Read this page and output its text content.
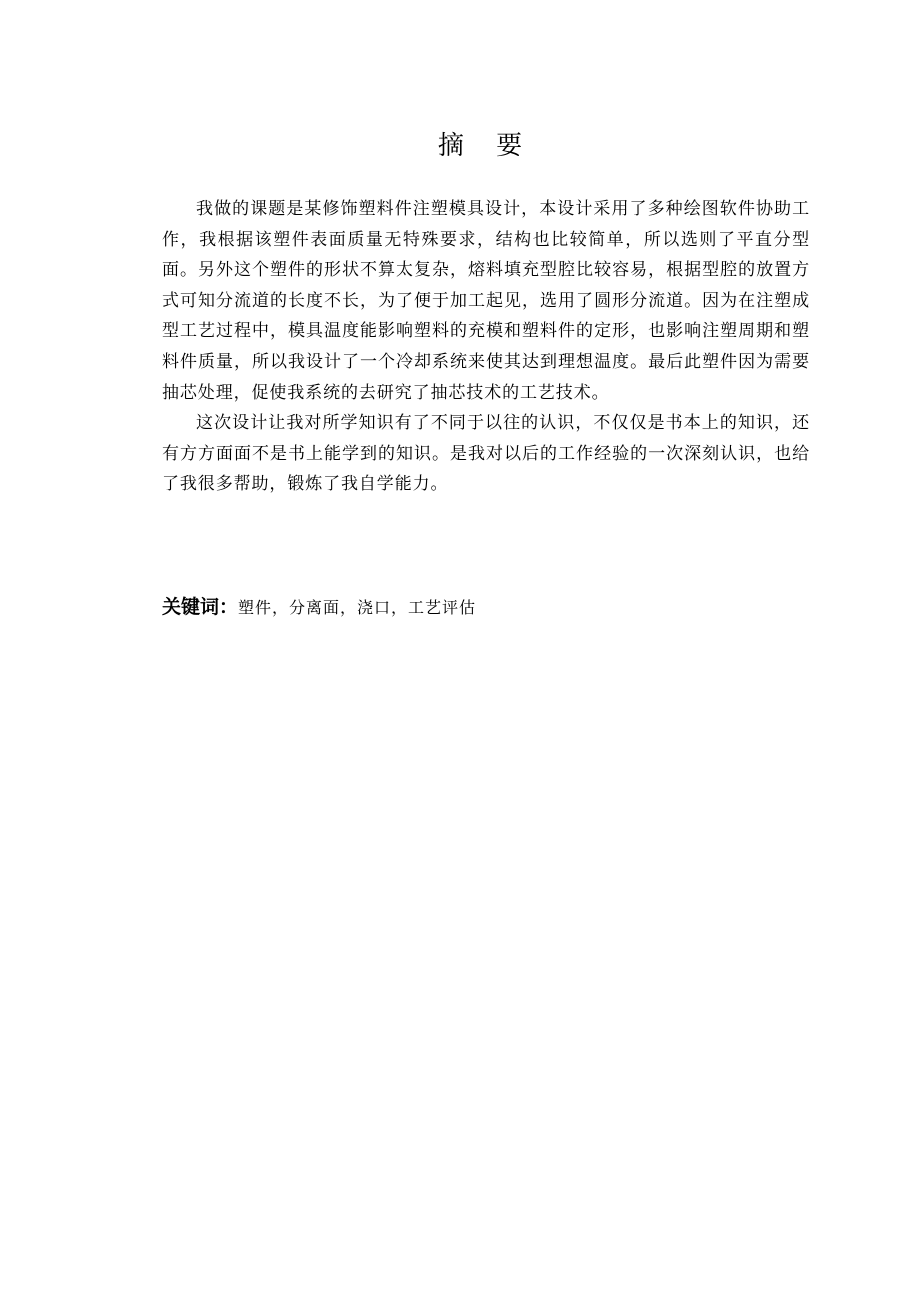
摘 要

我做的课题是某修饰塑料件注塑模具设计，本设计采用了多种绘图软件协助工作，我根据该塑件表面质量无特殊要求，结构也比较简单，所以选则了平直分型面。另外这个塑件的形状不算太复杂，熔料填充型腔比较容易，根据型腔的放置方式可知分流道的长度不长，为了便于加工起见，选用了圆形分流道。因为在注塑成型工艺过程中，模具温度能影响塑料的充模和塑料件的定形，也影响注塑周期和塑料件质量，所以我设计了一个冷却系统来使其达到理想温度。最后此塑件因为需要抽芯处理，促使我系统的去研究了抽芯技术的工艺技术。

这次设计让我对所学知识有了不同于以往的认识，不仅仅是书本上的知识，还有方方面面不是书上能学到的知识。是我对以后的工作经验的一次深刻认识，也给了我很多帮助，锻炼了我自学能力。

关键词：塑件，分离面，浇口，工艺评估
